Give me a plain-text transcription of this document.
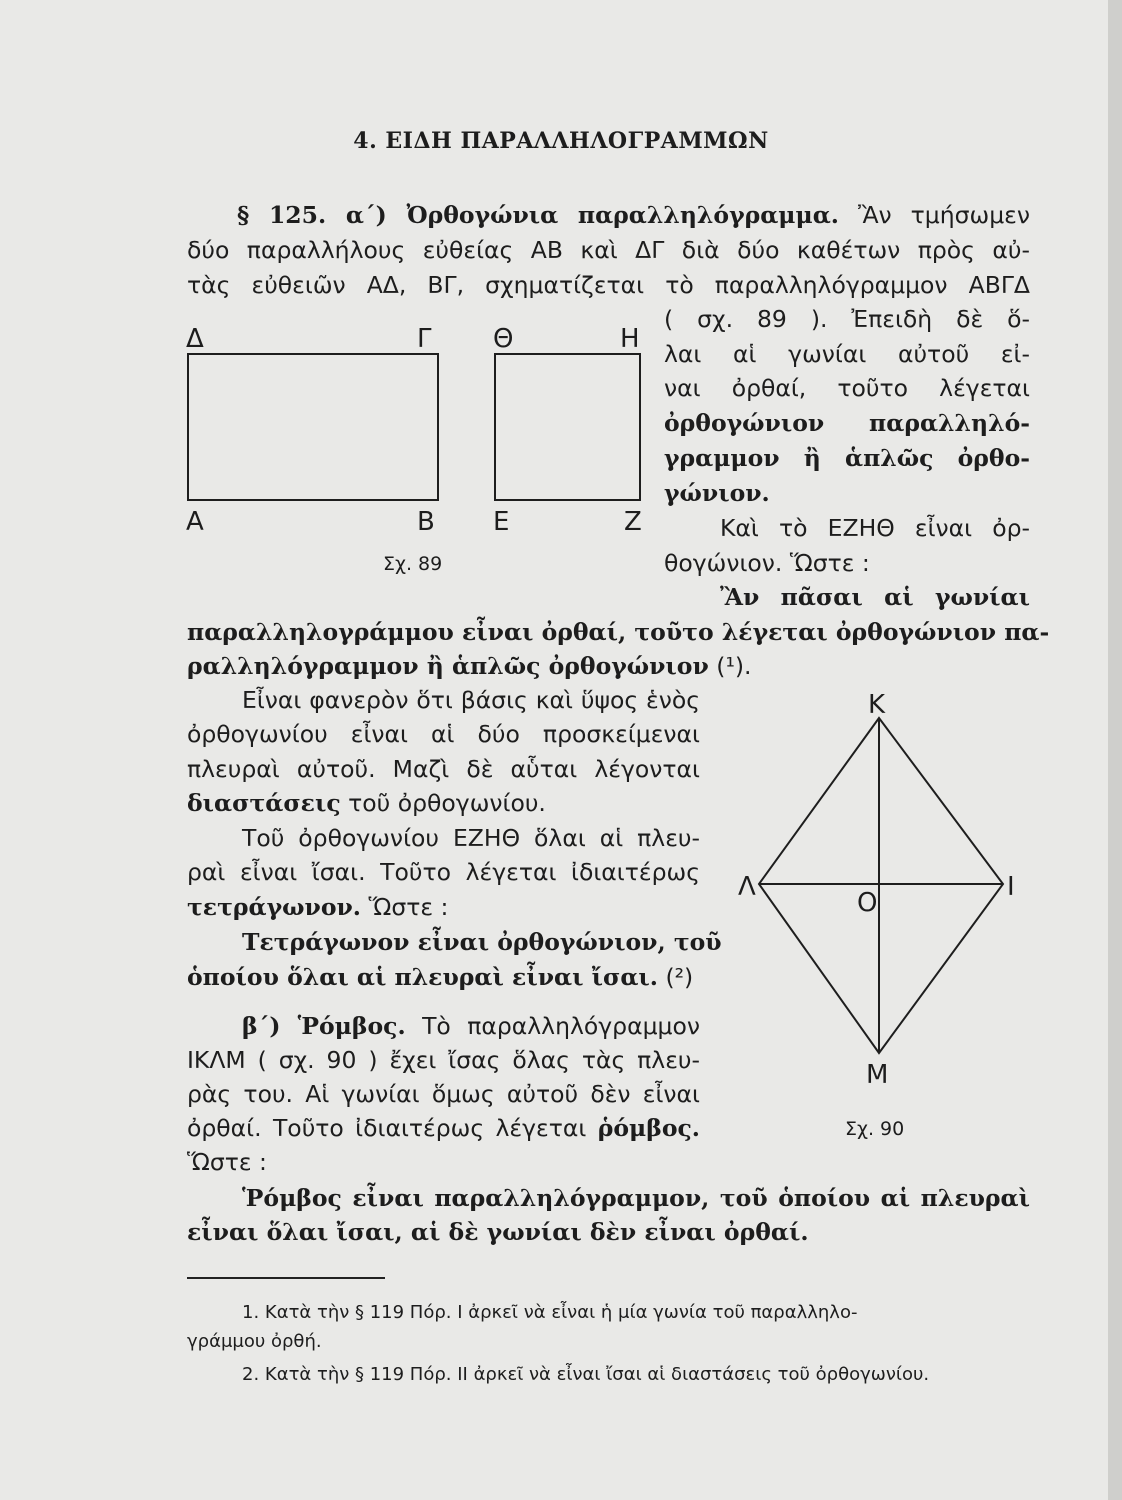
4. ΕΙΔΗ ΠΑΡΑΛΛΗΛΟΓΡΑΜΜΩΝ
§ 125. α΄) Ὀρθογώνια παραλληλόγραμμα. Ἂν τμήσωμεν
δύο παραλλήλους εὐθείας ΑΒ καὶ ΔΓ διὰ δύο καθέτων πρὸς αὐ-
τὰς εὐθειῶν ΑΔ, ΒΓ, σχηματίζεται τὸ παραλληλόγραμμον ΑΒΓΔ
( σχ. 89 ). Ἐπειδὴ δὲ ὅ-
λαι αἱ γωνίαι αὐτοῦ εἰ-
ναι ὀρθαί, τοῦτο λέγεται
ὀρθογώνιον παραλληλό-
γραμμον ἢ ἁπλῶς ὀρθο-
γώνιον.
Καὶ τὸ ΕΖΗΘ εἶναι ὀρ-
θογώνιον. Ὥστε :
Ἂν πᾶσαι αἱ γωνίαι
παραλληλογράμμου εἶναι ὀρθαί, τοῦτο λέγεται ὀρθογώνιον πα-
ραλληλόγραμμον ἢ ἁπλῶς ὀρθογώνιον (¹).
Εἶναι φανερὸν ὅτι βάσις καὶ ὕψος ἑνὸς
ὀρθογωνίου εἶναι αἱ δύο προσκείμεναι
πλευραὶ αὐτοῦ. Μαζὶ δὲ αὗται λέγονται
διαστάσεις τοῦ ὀρθογωνίου.
Τοῦ ὀρθογωνίου ΕΖΗΘ ὅλαι αἱ πλευ-
ραὶ εἶναι ἴσαι. Τοῦτο λέγεται ἰδιαιτέρως
τετράγωνον. Ὥστε :
Τετράγωνον εἶναι ὀρθογώνιον, τοῦ
ὁποίου ὅλαι αἱ πλευραὶ εἶναι ἴσαι. (²)
β΄) Ῥόμβος. Τὸ παραλληλόγραμμον
ΙΚΛΜ ( σχ. 90 ) ἔχει ἴσας ὅλας τὰς πλευ-
ρὰς του. Αἱ γωνίαι ὅμως αὐτοῦ δὲν εἶναι
ὀρθαί. Τοῦτο ἰδιαιτέρως λέγεται ῥόμβος.
Ὥστε :
Ῥόμβος εἶναι παραλληλόγραμμον, τοῦ ὁποίου αἱ πλευραὶ
εἶναι ὅλαι ἴσαι, αἱ δὲ γωνίαι δὲν εἶναι ὀρθαί.
Δ	Γ Θ	Η
Α	Β Ε	Ζ
Σχ. 89
Κ
Λ
Ο
Ι
Μ
Σχ. 90
1. Κατὰ τὴν § 119 Πόρ. Ι ἀρκεῖ νὰ εἶναι ἡ μία γωνία τοῦ παραλληλο-
γράμμου ὀρθή.
2. Κατὰ τὴν § 119 Πόρ. ΙΙ ἀρκεῖ νὰ εἶναι ἴσαι αἱ διαστάσεις τοῦ ὀρθογωνίου.
